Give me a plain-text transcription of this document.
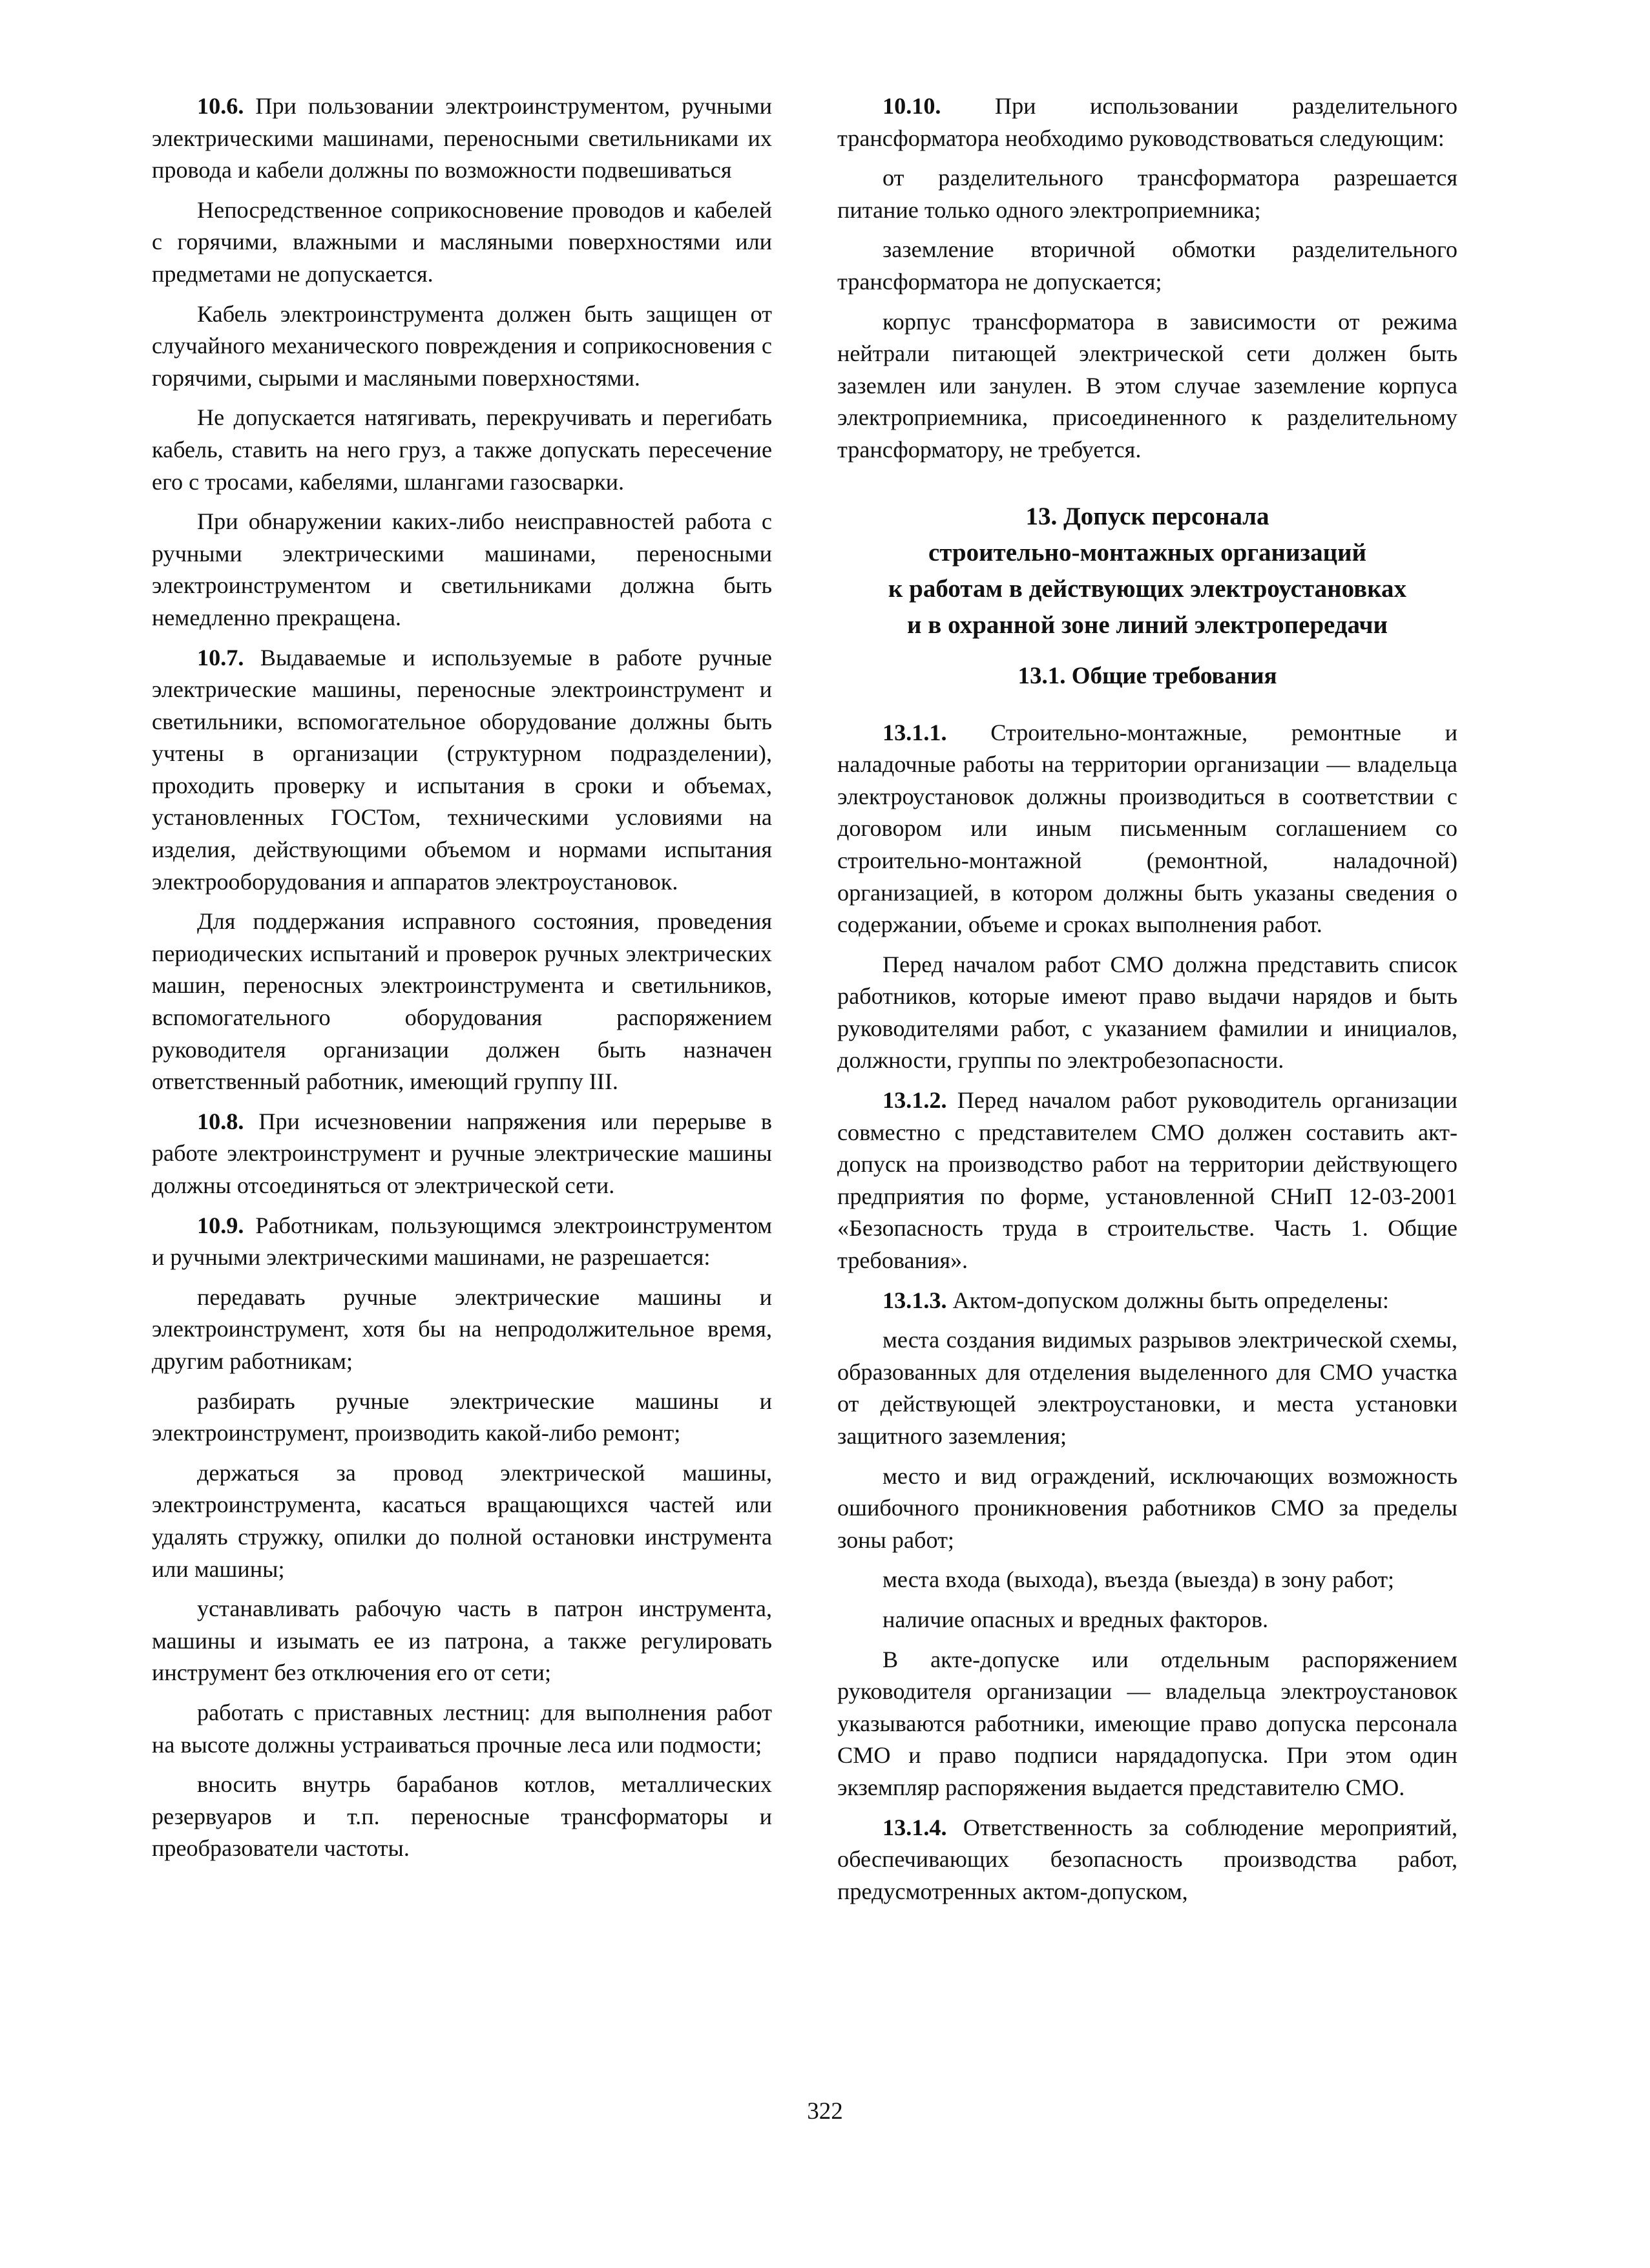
10.6. При пользовании электроинструментом, ручными электрическими машинами, переносными светильниками их провода и кабели должны по возможности подвешиваться

Непосредственное соприкосновение проводов и кабелей с горячими, влажными и масляными поверхностями или предметами не допускается.

Кабель электроинструмента должен быть защищен от случайного механического повреждения и соприкосновения с горячими, сырыми и масляными поверхностями.

Не допускается натягивать, перекручивать и перегибать кабель, ставить на него груз, а также допускать пересечение его с тросами, кабелями, шлангами газосварки.

При обнаружении каких-либо неисправностей работа с ручными электрическими машинами, переносными электроинструментом и светильниками должна быть немедленно прекращена.

10.7. Выдаваемые и используемые в работе ручные электрические машины, переносные электроинструмент и светильники, вспомогательное оборудование должны быть учтены в организации (структурном подразделении), проходить проверку и испытания в сроки и объемах, установленных ГОСТом, техническими условиями на изделия, действующими объемом и нормами испытания электрооборудования и аппаратов электроустановок.

Для поддержания исправного состояния, проведения периодических испытаний и проверок ручных электрических машин, переносных электроинструмента и светильников, вспомогательного оборудования распоряжением руководителя организации должен быть назначен ответственный работник, имеющий группу III.

10.8. При исчезновении напряжения или перерыве в работе электроинструмент и ручные электрические машины должны отсоединяться от электрической сети.

10.9. Работникам, пользующимся электроинструментом и ручными электрическими машинами, не разрешается:

передавать ручные электрические машины и электроинструмент, хотя бы на непродолжительное время, другим работникам;

разбирать ручные электрические машины и электроинструмент, производить какой-либо ремонт;

держаться за провод электрической машины, электроинструмента, касаться вращающихся частей или удалять стружку, опилки до полной остановки инструмента или машины;

устанавливать рабочую часть в патрон инструмента, машины и изымать ее из патрона, а также регулировать инструмент без отключения его от сети;

работать с приставных лестниц: для выполнения работ на высоте должны устраиваться прочные леса или подмости;

вносить внутрь барабанов котлов, металлических резервуаров и т.п. переносные трансформаторы и преобразователи частоты.

10.10. При использовании разделительного трансформатора необходимо руководствоваться следующим:

от разделительного трансформатора разрешается питание только одного электроприемника;

заземление вторичной обмотки разделительного трансформатора не допускается;

корпус трансформатора в зависимости от режима нейтрали питающей электрической сети должен быть заземлен или занулен. В этом случае заземление корпуса электроприемника, присоединенного к разделительному трансформатору, не требуется.

13. Допуск персонала
строительно-монтажных организаций
к работам в действующих электроустановках
и в охранной зоне линий электропередачи
13.1. Общие требования

13.1.1. Строительно-монтажные, ремонтные и наладочные работы на территории организации — владельца электроустановок должны производиться в соответствии с договором или иным письменным соглашением со строительно-монтажной (ремонтной, наладочной) организацией, в котором должны быть указаны сведения о содержании, объеме и сроках выполнения работ.

Перед началом работ СМО должна представить список работников, которые имеют право выдачи нарядов и быть руководителями работ, с указанием фамилии и инициалов, должности, группы по электробезопасности.

13.1.2. Перед началом работ руководитель организации совместно с представителем СМО должен составить акт-допуск на производство работ на территории действующего предприятия по форме, установленной СНиП 12-03-2001 «Безопасность труда в строительстве. Часть 1. Общие требования».

13.1.3. Актом-допуском должны быть определены:

места создания видимых разрывов электрической схемы, образованных для отделения выделенного для СМО участка от действующей электроустановки, и места установки защитного заземления;

место и вид ограждений, исключающих возможность ошибочного проникновения работников СМО за пределы зоны работ;

места входа (выхода), въезда (выезда) в зону работ;

наличие опасных и вредных факторов.

В акте-допуске или отдельным распоряжением руководителя организации — владельца электроустановок указываются работники, имеющие право допуска персонала СМО и право подписи нарядадопуска. При этом один экземпляр распоряжения выдается представителю СМО.

13.1.4. Ответственность за соблюдение мероприятий, обеспечивающих безопасность производства работ, предусмотренных актом-допуском,

322
